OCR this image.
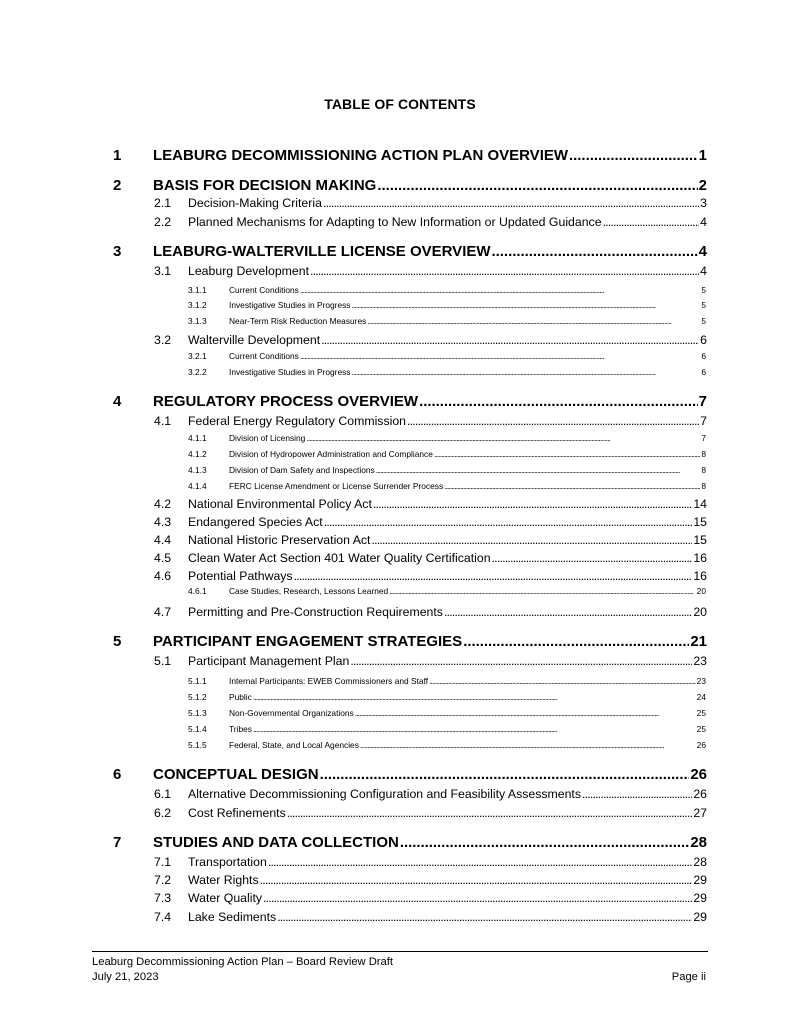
TABLE OF CONTENTS
1	LEABURG DECOMMISSIONING ACTION PLAN OVERVIEW . . .	1
2	BASIS FOR DECISION MAKING . . .	2
2.1	Decision-Making Criteria . . .	3
2.2	Planned Mechanisms for Adapting to New Information or Updated Guidance . . .	4
3	LEABURG-WALTERVILLE LICENSE OVERVIEW . . .	4
3.1	Leaburg Development . . .	4
3.1.1	Current Conditions . . .	5
3.1.2	Investigative Studies in Progress . . .	5
3.1.3	Near-Term Risk Reduction Measures . . .	5
3.2	Walterville Development . . .	6
3.2.1	Current Conditions . . .	6
3.2.2	Investigative Studies in Progress . . .	6
4	REGULATORY PROCESS OVERVIEW . . .	7
4.1	Federal Energy Regulatory Commission . . .	7
4.1.1	Division of Licensing . . .	7
4.1.2	Division of Hydropower Administration and Compliance . . .	8
4.1.3	Division of Dam Safety and Inspections . . .	8
4.1.4	FERC License Amendment or License Surrender Process . . .	8
4.2	National Environmental Policy Act . . .	14
4.3	Endangered Species Act . . .	15
4.4	National Historic Preservation Act . . .	15
4.5	Clean Water Act Section 401 Water Quality Certification . . .	16
4.6	Potential Pathways . . .	16
4.6.1	Case Studies, Research, Lessons Learned . . .	20
4.7	Permitting and Pre-Construction Requirements . . .	20
5	PARTICIPANT ENGAGEMENT STRATEGIES . . .	21
5.1	Participant Management Plan . . .	23
5.1.1	Internal Participants: EWEB Commissioners and Staff . . .	23
5.1.2	Public . . .	24
5.1.3	Non-Governmental Organizations . . .	25
5.1.4	Tribes . . .	25
5.1.5	Federal, State, and Local Agencies . . .	26
6	CONCEPTUAL DESIGN . . .	26
6.1	Alternative Decommissioning Configuration and Feasibility Assessments . . .	26
6.2	Cost Refinements . . .	27
7	STUDIES AND DATA COLLECTION . . .	28
7.1	Transportation . . .	28
7.2	Water Rights . . .	29
7.3	Water Quality . . .	29
7.4	Lake Sediments . . .	29
Leaburg Decommissioning Action Plan – Board Review Draft
July 21, 2023	Page ii
